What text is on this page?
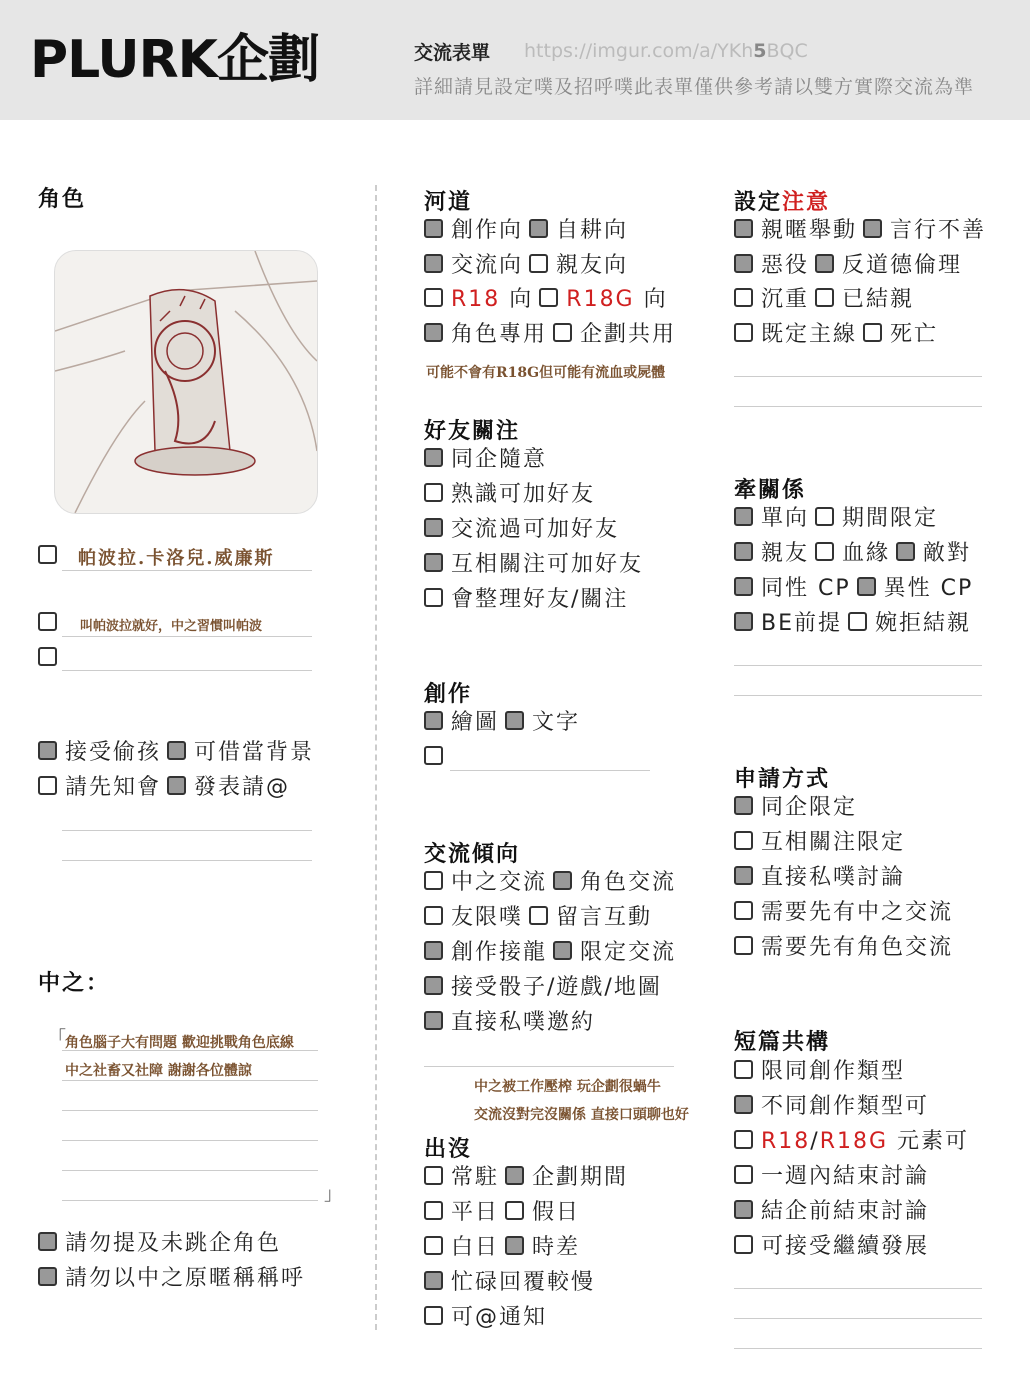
PLURK企劃	交流表單 https://imgur.com/a/YKh5BQC
詳細請見設定噗及招呼噗此表單僅供參考請以雙方實際交流為準
角色
帕波拉.卡洛兒.威廉斯
叫帕波拉就好，中之習慣叫帕波
接受偷孩 可借當背景
請先知會 發表請@
中之：
「
角色腦子大有問題 歡迎挑戰角色底線
中之社畜又社障 謝謝各位體諒
」
請勿提及未跳企角色
請勿以中之原暱稱稱呼
河道
創作向 自耕向
交流向 親友向
R18 向 R18G 向
角色專用 企劃共用
可能不會有R18G但可能有流血或屍體
好友關注
同企隨意
熟識可加好友
交流過可加好友
互相關注可加好友
會整理好友/關注
創作
繪圖 文字
交流傾向
中之交流 角色交流
友限噗 留言互動
創作接龍 限定交流
接受骰子/遊戲/地圖
直接私噗邀約
中之被工作壓榨 玩企劃很蝸牛
交流沒對完沒關係 直接口頭聊也好
出沒
常駐 企劃期間
平日 假日
白日 時差
忙碌回覆較慢
可@通知
設定注意
親暱舉動 言行不善
惡役 反道德倫理
沉重 已結親
既定主線 死亡
牽關係
單向 期間限定
親友 血緣 敵對
同性 CP 異性 CP
BE前提 婉拒結親
申請方式
同企限定
互相關注限定
直接私噗討論
需要先有中之交流
需要先有角色交流
短篇共構
限同創作類型
不同創作類型可
R18/R18G 元素可
一週內結束討論
結企前結束討論
可接受繼續發展
